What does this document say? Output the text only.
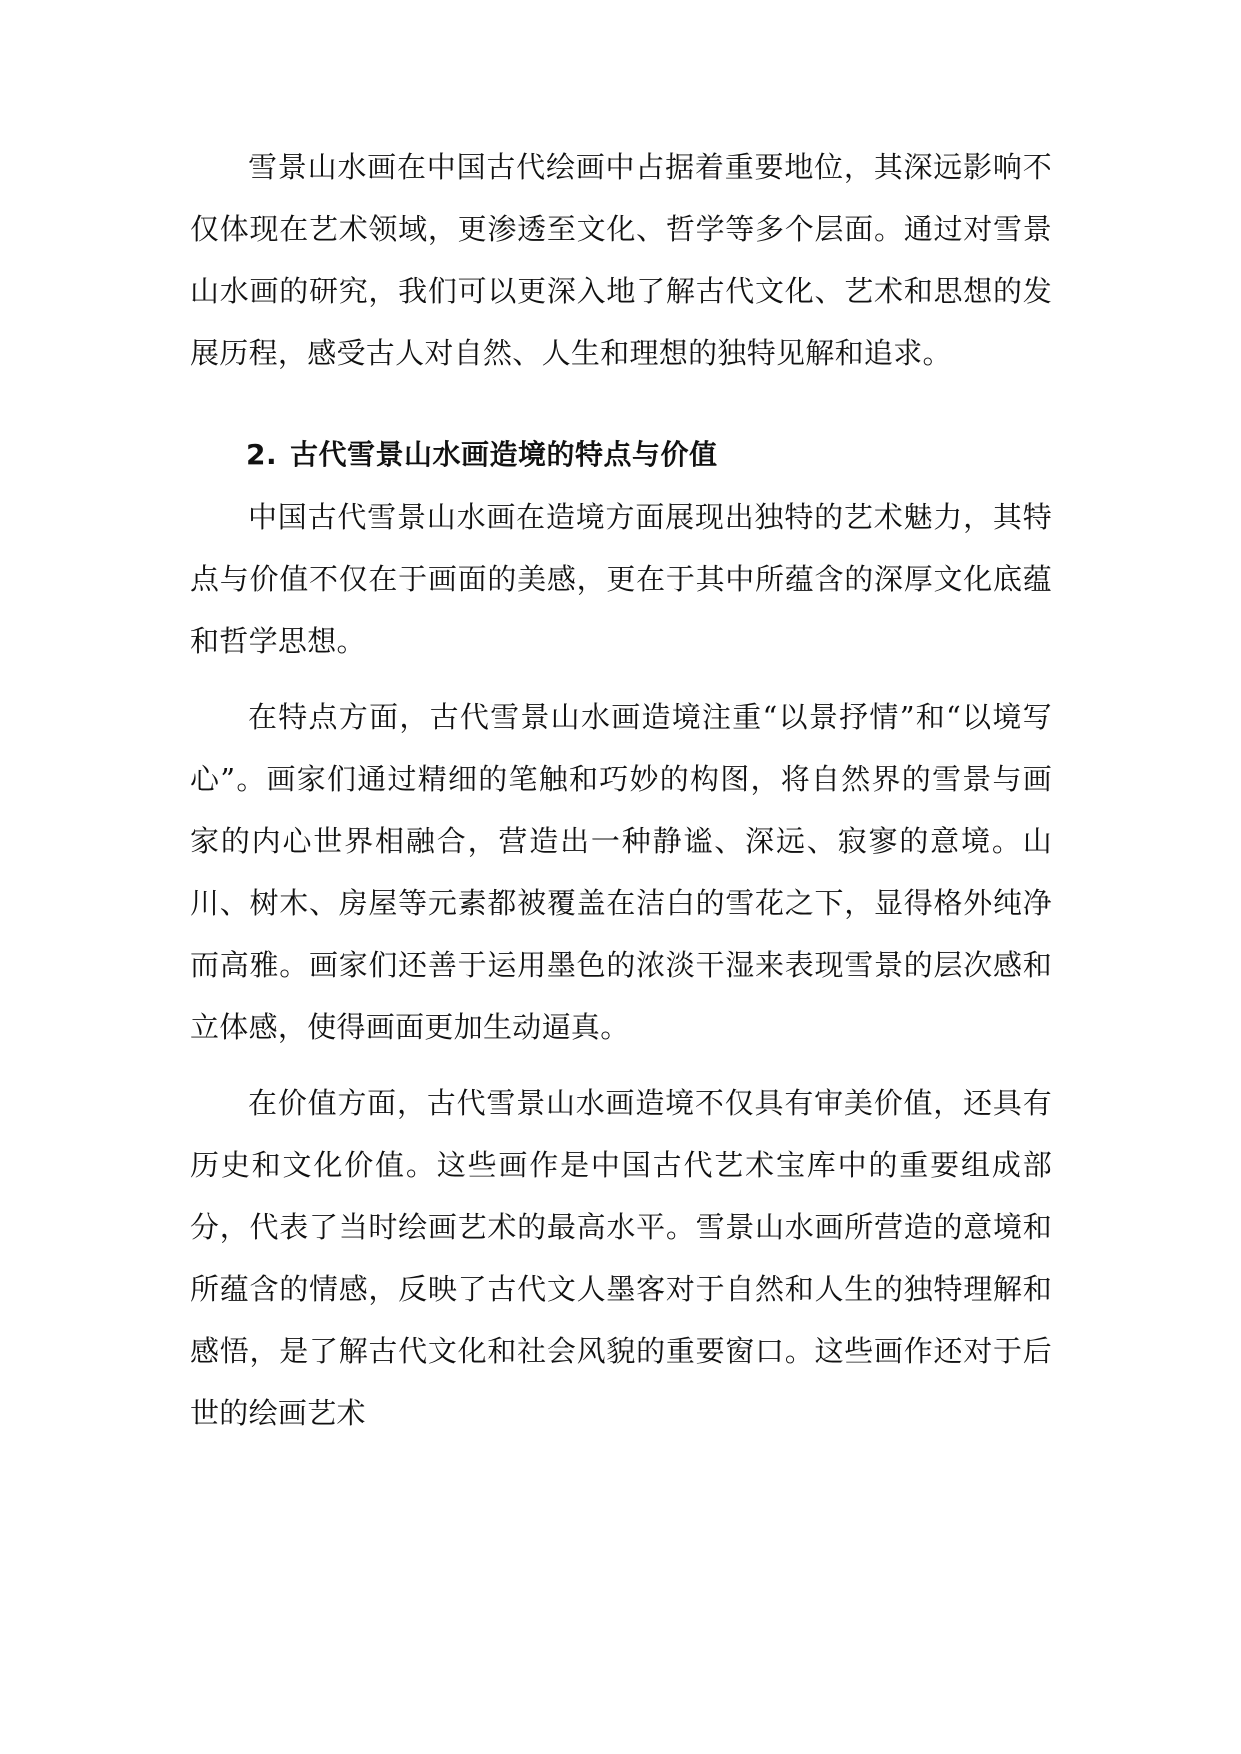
雪景山水画在中国古代绘画中占据着重要地位，其深远影响不仅体现在艺术领域，更渗透至文化、哲学等多个层面。通过对雪景山水画的研究，我们可以更深入地了解古代文化、艺术和思想的发展历程，感受古人对自然、人生和理想的独特见解和追求。

2. 古代雪景山水画造境的特点与价值

中国古代雪景山水画在造境方面展现出独特的艺术魅力，其特点与价值不仅在于画面的美感，更在于其中所蕴含的深厚文化底蕴和哲学思想。

在特点方面，古代雪景山水画造境注重“以景抒情”和“以境写心”。画家们通过精细的笔触和巧妙的构图，将自然界的雪景与画家的内心世界相融合，营造出一种静谧、深远、寂寥的意境。山川、树木、房屋等元素都被覆盖在洁白的雪花之下，显得格外纯净而高雅。画家们还善于运用墨色的浓淡干湿来表现雪景的层次感和立体感，使得画面更加生动逼真。

在价值方面，古代雪景山水画造境不仅具有审美价值，还具有历史和文化价值。这些画作是中国古代艺术宝库中的重要组成部分，代表了当时绘画艺术的最高水平。雪景山水画所营造的意境和所蕴含的情感，反映了古代文人墨客对于自然和人生的独特理解和感悟，是了解古代文化和社会风貌的重要窗口。这些画作还对于后世的绘画艺术
